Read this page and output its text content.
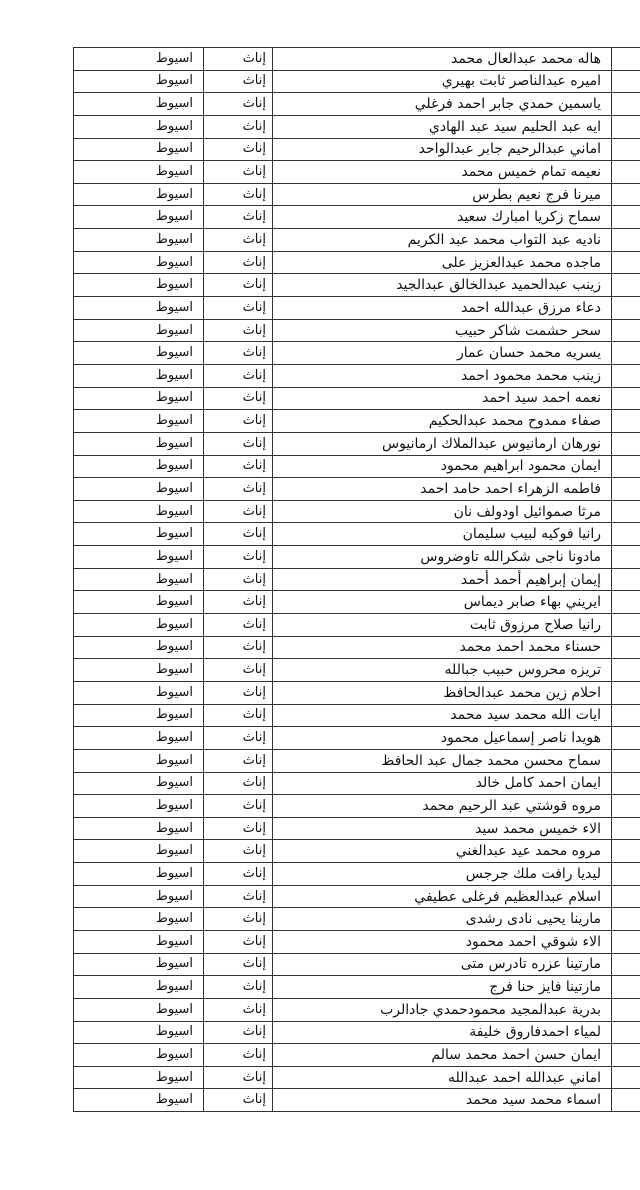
اسيوط	إناث	هاله محمد عبدالعال محمد	
اسيوط	إناث	اميره عبدالناصر ثابت بهيري	
اسيوط	إناث	ياسمين حمدي جابر احمد فرغلي	
اسيوط	إناث	ايه عبد الحليم سيد عبد الهادي	
اسيوط	إناث	اماني عبدالرحيم جابر عبدالواحد	
اسيوط	إناث	نعيمه تمام خميس محمد	
اسيوط	إناث	ميرنا فرج نعيم بطرس	
اسيوط	إناث	سماح زكريا امبارك سعيد	
اسيوط	إناث	ناديه عبد التواب محمد عبد الكريم	
اسيوط	إناث	ماجده محمد عبدالعزيز على	
اسيوط	إناث	زينب عبدالحميد عبدالخالق عبدالجيد	
اسيوط	إناث	دعاء مرزق عبدالله احمد	
اسيوط	إناث	سحر حشمت شاكر حبيب	
اسيوط	إناث	يسريه محمد حسان عمار	
اسيوط	إناث	زينب محمد محمود احمد	
اسيوط	إناث	نعمه احمد سيد احمد	
اسيوط	إناث	صفاء ممدوح محمد عبدالحكيم	
اسيوط	إناث	نورهان ارمانيوس عبدالملاك ارمانيوس	
اسيوط	إناث	ايمان محمود ابراهيم محمود	
اسيوط	إناث	فاطمه الزهراء احمد حامد احمد	
اسيوط	إناث	مرثا صموائيل اودولف نان	
اسيوط	إناث	رانيا فوكيه لبيب سليمان	
اسيوط	إناث	مادونا ناجى شكرالله تاوضروس	
اسيوط	إناث	إيمان إبراهيم أحمد أحمد	
اسيوط	إناث	ايريني بهاء صابر ديماس	
اسيوط	إناث	رانيا صلاح مرزوق ثابت	
اسيوط	إناث	حسناء محمد احمد محمد	
اسيوط	إناث	تريزه محروس حبيب جبالله	
اسيوط	إناث	احلام زين محمد عبدالحافظ	
اسيوط	إناث	ايات الله محمد سيد محمد	
اسيوط	إناث	هويدا ناصر إسماعيل محمود	
اسيوط	إناث	سماح محسن محمد جمال عبد الحافظ	
اسيوط	إناث	ايمان احمد كامل خالد	
اسيوط	إناث	مروه قوشتي عبد الرحيم محمد	
اسيوط	إناث	الاء خميس محمد سيد	
اسيوط	إناث	مروه محمد عيد عبدالغني	
اسيوط	إناث	ليديا رافت ملك جرجس	
اسيوط	إناث	اسلام عبدالعظيم فرغلى عطيفي	
اسيوط	إناث	مارينا يحيى نادى رشدى	
اسيوط	إناث	الاء شوقي احمد محمود	
اسيوط	إناث	مارتينا عزره تادرس متى	
اسيوط	إناث	مارتينا فايز حنا فرج	
اسيوط	إناث	بدرية عبدالمجيد محمودحمدي جادالرب	
اسيوط	إناث	لمياء احمدفاروق خليفة	
اسيوط	إناث	ايمان حسن احمد محمد سالم	
اسيوط	إناث	اماني عبدالله احمد عبدالله	
اسيوط	إناث	اسماء محمد سيد محمد	
